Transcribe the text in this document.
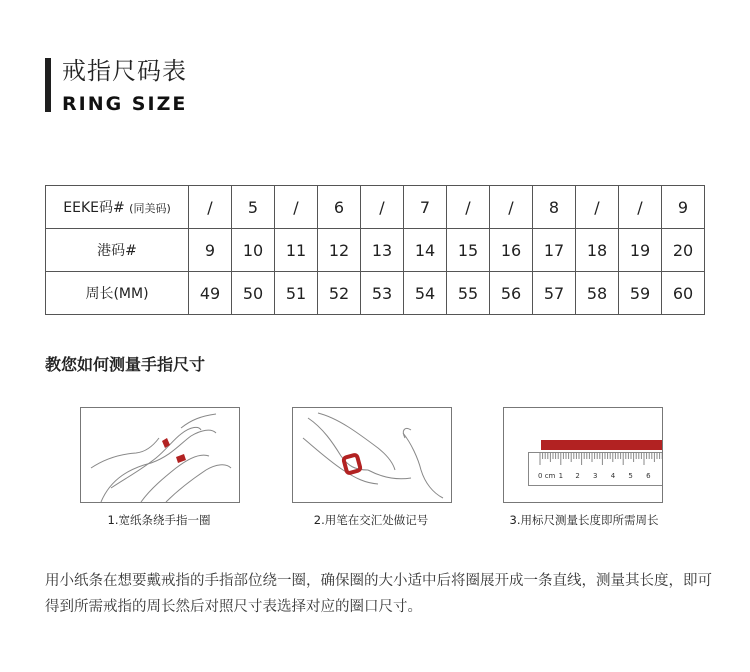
戒指尺码表
RING SIZE
EEKE码# (同美码)	/	5	/	6	/	7	/	/	8	/	/	9
港码#	9	10	11	12	13	14	15	16	17	18	19	20
周长(MM)	49	50	51	52	53	54	55	56	57	58	59	60
教您如何测量手指尺寸
0 cm 1 2 3 4 5 6
1.宽纸条绕手指一圈	2.用笔在交汇处做记号	3.用标尺测量长度即所需周长
用小纸条在想要戴戒指的手指部位绕一圈，确保圈的大小适中后将圈展开成一条直线，测量其长度，即可得到所需戒指的周长然后对照尺寸表选择对应的圈口尺寸。
